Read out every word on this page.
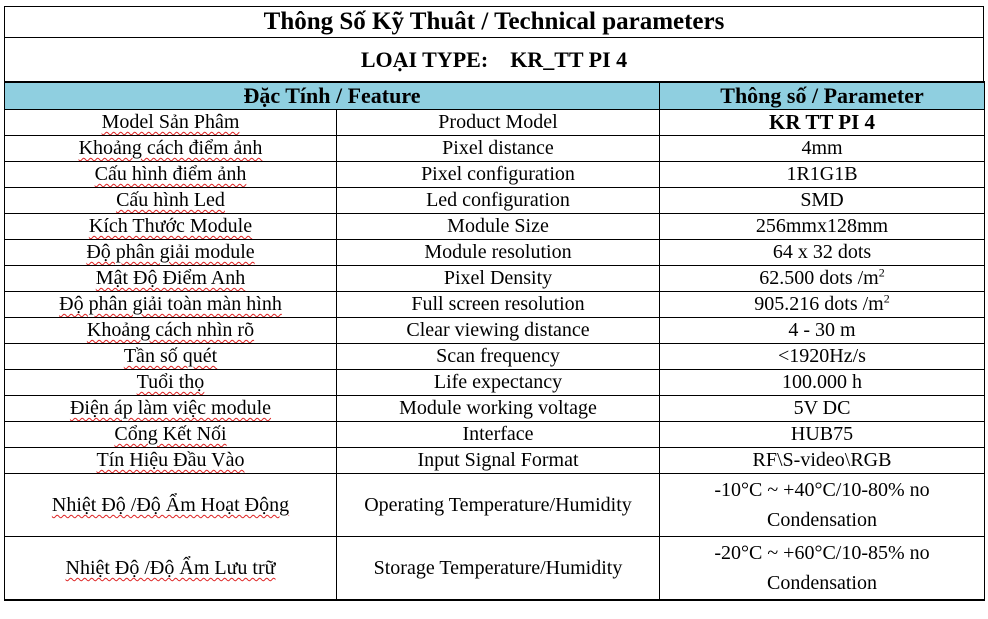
Thông Số Kỹ Thuât / Technical parameters
LOẠI TYPE: KR_TT PI 4
Đặc Tính / Feature		Thông số / Parameter
Model Sản Phâm	Product Model	KR TT PI 4
Khoảng cách điểm ảnh	Pixel distance	4mm
Cấu hình điểm ảnh	Pixel configuration	1R1G1B
Cấu hình Led	Led configuration	SMD
Kích Thước Module	Module Size	256mmx128mm
Độ phân giải module	Module resolution	64 x 32 dots
Mật Độ Điểm Anh	Pixel Density	62.500 dots $/m^2$
Độ phân giải toàn màn hình	Full screen resolution	905.216 dots $/m^2$
Khoảng cách nhìn rõ	Clear viewing distance	4 - 30 m
Tần số quét	Scan frequency	<1920Hz/s
Tuổi thọ	Life expectancy	100.000 h
Điện áp làm việc module	Module working voltage	5V DC
Cổng Kết Nối	Interface	HUB75
Tín Hiệu Đầu Vào	Input Signal Format	RF\S-video\RGB
Nhiệt Độ /Độ Ẩm Hoạt Động	Operating Temperature/Humidity	-10°C ~ +40°C/10-80% no Condensation
Nhiệt Độ /Độ Ẩm Lưu trữ	Storage Temperature/Humidity	-20°C ~ +60°C/10-85% no Condensation
